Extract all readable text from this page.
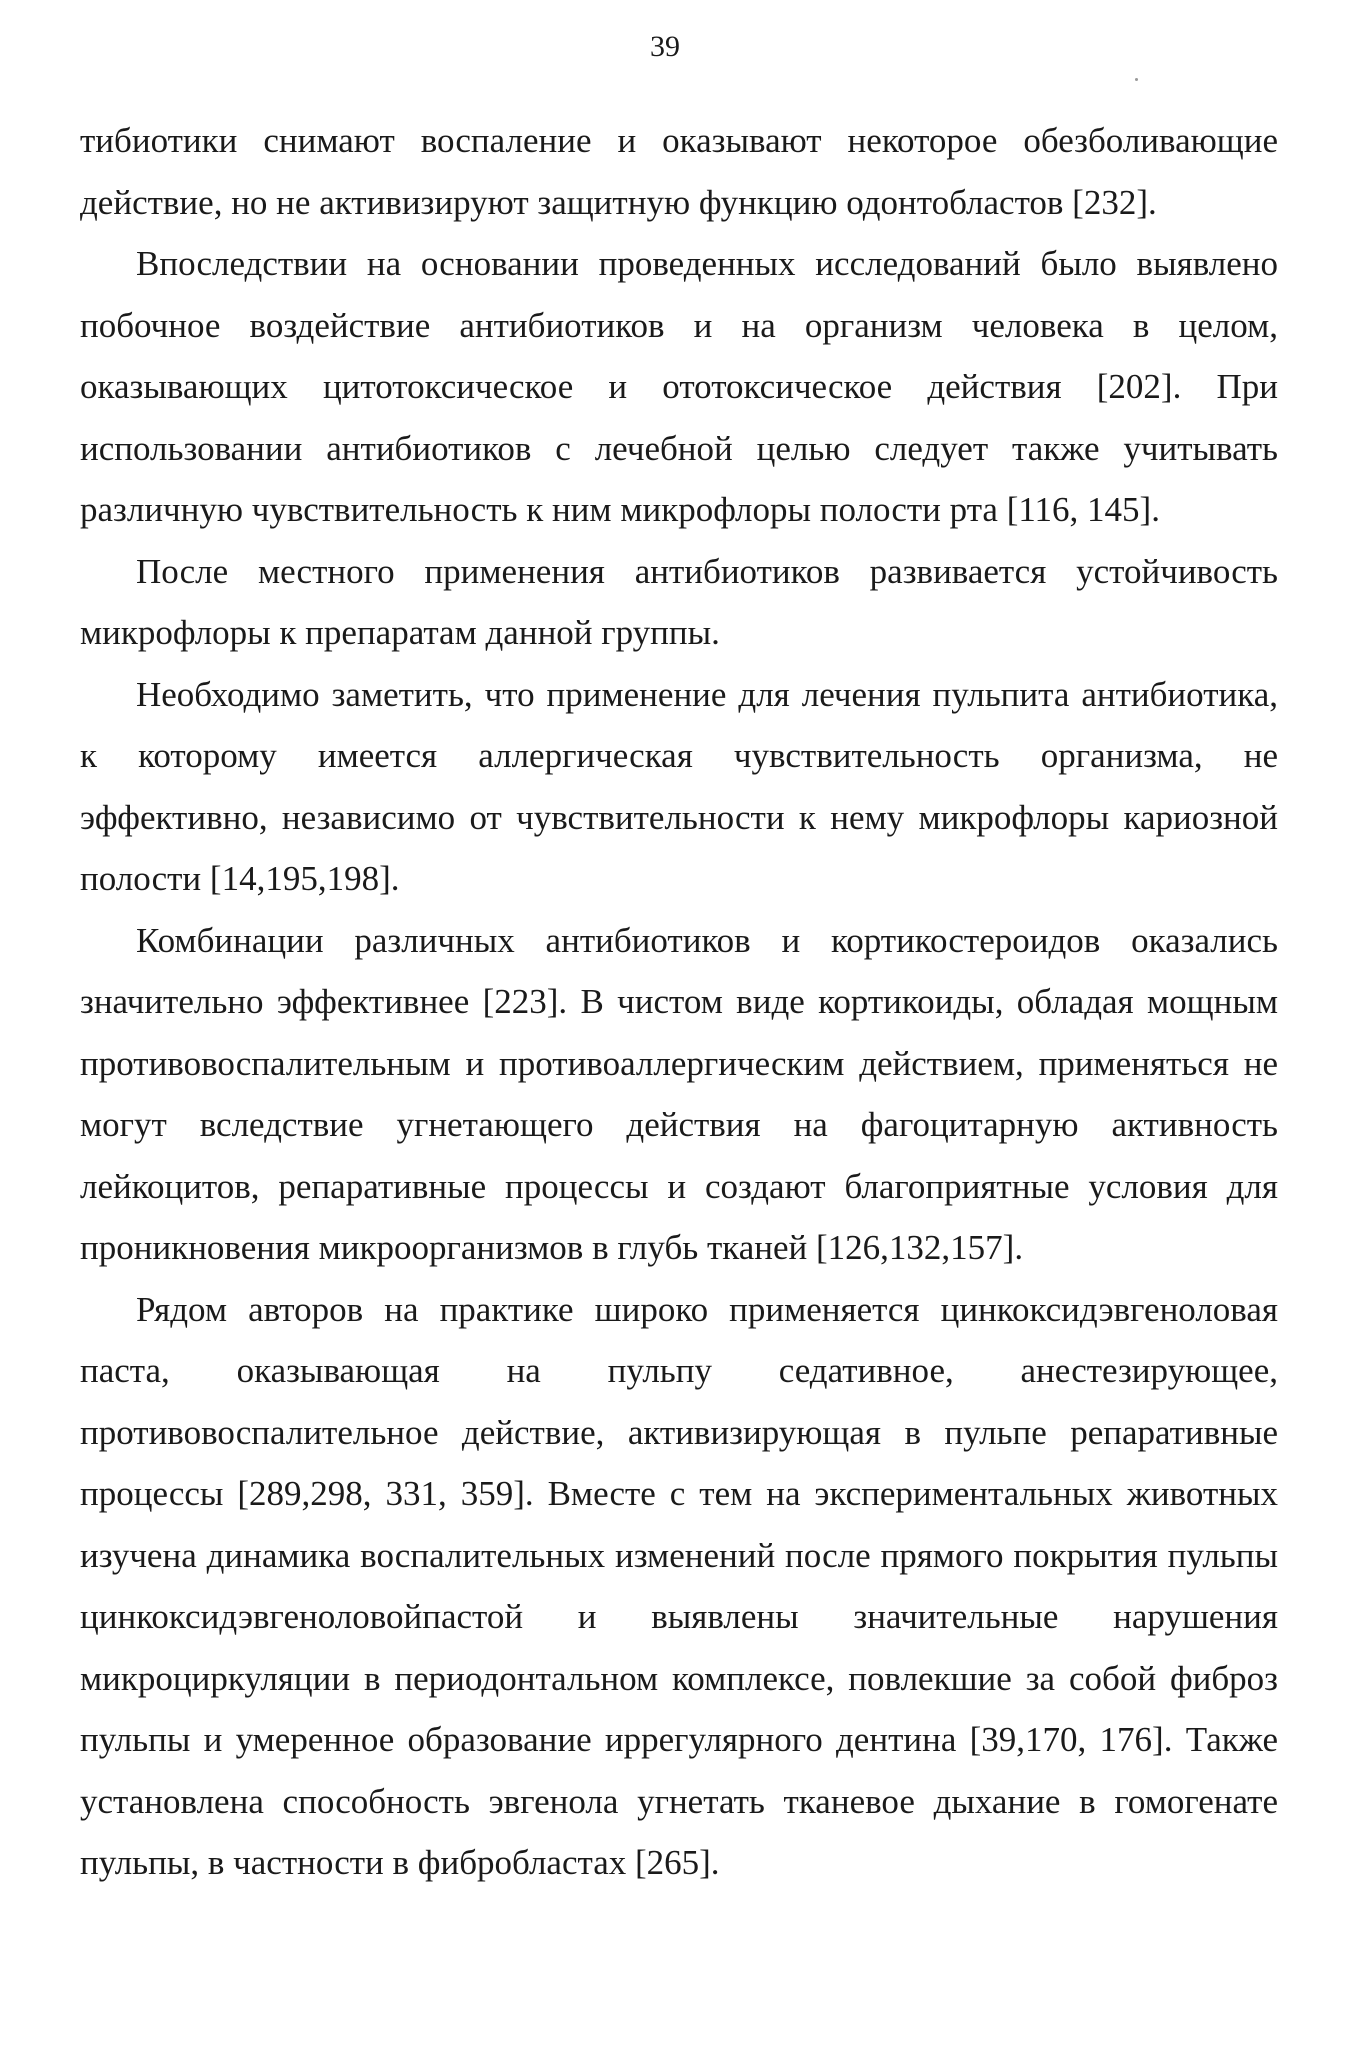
39

тибиотики снимают воспаление и оказывают некоторое обезболивающие действие, но не активизируют защитную функцию одонтобластов [232].

Впоследствии на основании проведенных исследований было выявлено побочное воздействие антибиотиков и на организм человека в целом, оказывающих цитотоксическое и ототоксическое действия [202]. При использовании антибиотиков с лечебной целью следует также учитывать различную чувствительность к ним микрофлоры полости рта [116, 145].

После местного применения антибиотиков развивается устойчивость микрофлоры к препаратам данной группы.

Необходимо заметить, что применение для лечения пульпита антибиотика, к которому имеется аллергическая чувствительность организма, не эффективно, независимо от чувствительности к нему микрофлоры кариозной полости [14,195,198].

Комбинации различных антибиотиков и кортикостероидов оказались значительно эффективнее [223]. В чистом виде кортикоиды, обладая мощным противовоспалительным и противоаллергическим действием, применяться не могут вследствие угнетающего действия на фагоцитарную активность лейкоцитов, репаративные процессы и создают благоприятные условия для проникновения микроорганизмов в глубь тканей [126,132,157].

Рядом авторов на практике широко применяется цинкоксидэвгеноловая паста, оказывающая на пульпу седативное, анестезирующее, противовоспалительное действие, активизирующая в пульпе репаративные процессы [289,298, 331, 359]. Вместе с тем на экспериментальных животных изучена динамика воспалительных изменений после прямого покрытия пульпы цинкоксидэвгеноловойпастой и выявлены значительные нарушения микроциркуляции в периодонтальном комплексе, повлекшие за собой фиброз пульпы и умеренное образование иррегулярного дентина [39,170, 176]. Также установлена способность эвгенола угнетать тканевое дыхание в гомогенате пульпы, в частности в фибробластах [265].
